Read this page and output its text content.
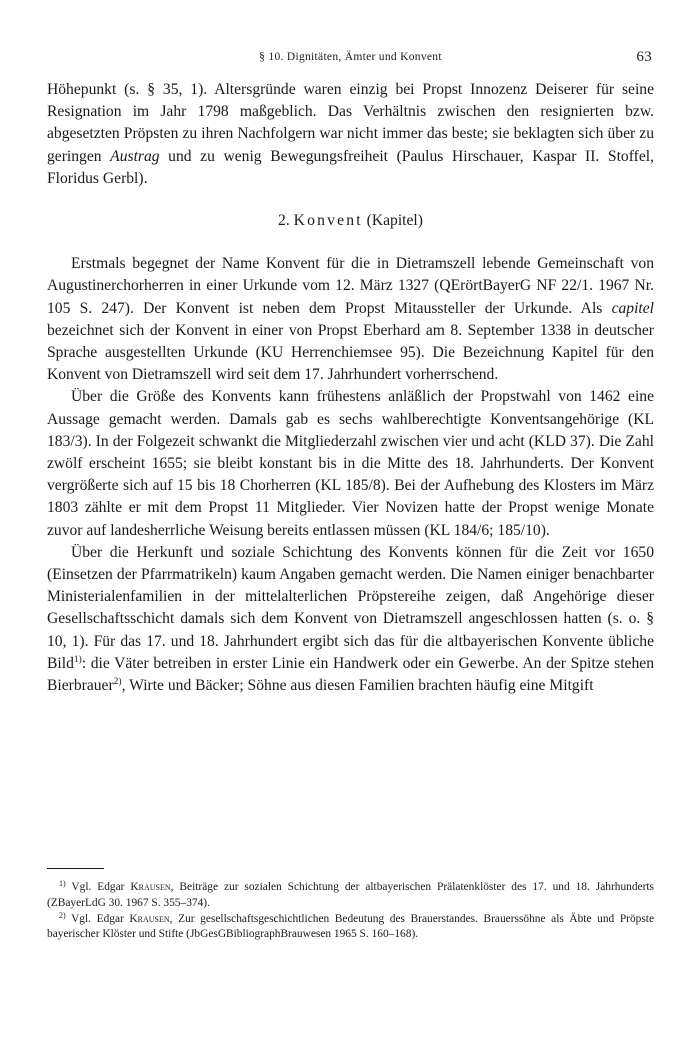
§ 10. Dignitäten, Ämter und Konvent	63

Höhepunkt (s. § 35, 1). Altersgründe waren einzig bei Propst Innozenz Deiserer für seine Resignation im Jahr 1798 maßgeblich. Das Verhältnis zwischen den resignierten bzw. abgesetzten Pröpsten zu ihren Nachfolgern war nicht immer das beste; sie beklagten sich über zu geringen Austrag und zu wenig Bewegungsfreiheit (Paulus Hirschauer, Kaspar II. Stoffel, Floridus Gerbl).

2. Konvent (Kapitel)

Erstmals begegnet der Name Konvent für die in Dietramszell lebende Gemeinschaft von Augustinerchorherren in einer Urkunde vom 12. März 1327 (QErörtBayerG NF 22/1. 1967 Nr. 105 S. 247). Der Konvent ist neben dem Propst Mitaussteller der Urkunde. Als capitel bezeichnet sich der Konvent in einer von Propst Eberhard am 8. September 1338 in deutscher Sprache ausgestellten Urkunde (KU Herrenchiemsee 95). Die Bezeichnung Kapitel für den Konvent von Dietramszell wird seit dem 17. Jahrhundert vorherrschend.

Über die Größe des Konvents kann frühestens anläßlich der Propstwahl von 1462 eine Aussage gemacht werden. Damals gab es sechs wahlberechtigte Konventsangehörige (KL 183/3). In der Folgezeit schwankt die Mitgliederzahl zwischen vier und acht (KLD 37). Die Zahl zwölf erscheint 1655; sie bleibt konstant bis in die Mitte des 18. Jahrhunderts. Der Konvent vergrößerte sich auf 15 bis 18 Chorherren (KL 185/8). Bei der Aufhebung des Klosters im März 1803 zählte er mit dem Propst 11 Mitglieder. Vier Novizen hatte der Propst wenige Monate zuvor auf landesherrliche Weisung bereits entlassen müssen (KL 184/6; 185/10).

Über die Herkunft und soziale Schichtung des Konvents können für die Zeit vor 1650 (Einsetzen der Pfarrmatrikeln) kaum Angaben gemacht werden. Die Namen einiger benachbarter Ministerialenfamilien in der mittelalterlichen Pröpstereihe zeigen, daß Angehörige dieser Gesellschaftsschicht damals sich dem Konvent von Dietramszell angeschlossen hatten (s. o. § 10, 1). Für das 17. und 18. Jahrhundert ergibt sich das für die altbayerischen Konvente übliche Bild$^{1)}$: die Väter betreiben in erster Linie ein Handwerk oder ein Gewerbe. An der Spitze stehen Bierbrauer$^{2)}$, Wirte und Bäcker; Söhne aus diesen Familien brachten häufig eine Mitgift

$^{1)}$ Vgl. Edgar Krausen, Beiträge zur sozialen Schichtung der altbayerischen Prälatenklöster des 17. und 18. Jahrhunderts (ZBayerLdG 30. 1967 S. 355–374).

$^{2)}$ Vgl. Edgar Krausen, Zur gesellschaftsgeschichtlichen Bedeutung des Brauerstandes. Brauerssöhne als Äbte und Pröpste bayerischer Klöster und Stifte (JbGesGBibliographBrauwesen 1965 S. 160–168).
